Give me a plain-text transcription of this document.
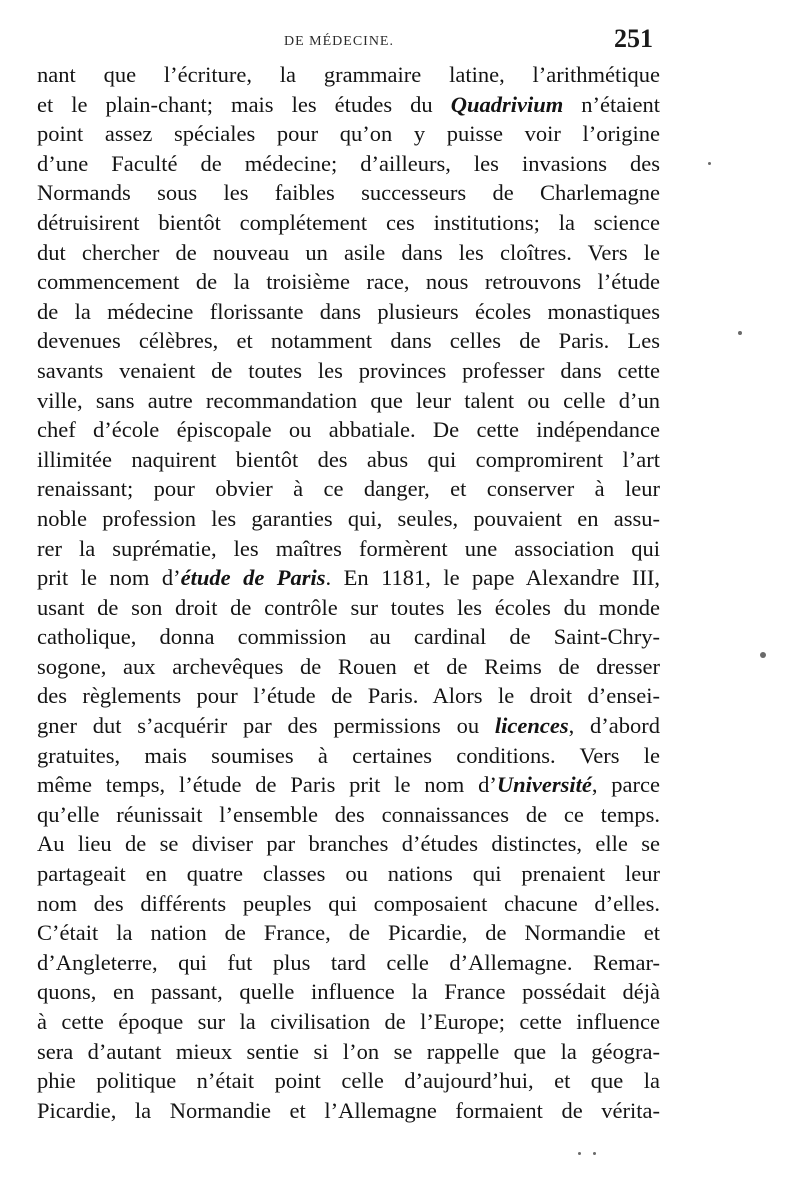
DE MÉDECINE.	251
nant que l’écriture, la grammaire latine, l’arithmétique
et le plain-chant; mais les études du Quadrivium n’étaient
point assez spéciales pour qu’on y puisse voir l’origine
d’une Faculté de médecine; d’ailleurs, les invasions des
Normands sous les faibles successeurs de Charlemagne
détruisirent bientôt complétement ces institutions; la science
dut chercher de nouveau un asile dans les cloîtres. Vers le
commencement de la troisième race, nous retrouvons l’étude
de la médecine florissante dans plusieurs écoles monastiques
devenues célèbres, et notamment dans celles de Paris. Les
savants venaient de toutes les provinces professer dans cette
ville, sans autre recommandation que leur talent ou celle d’un
chef d’école épiscopale ou abbatiale. De cette indépendance
illimitée naquirent bientôt des abus qui compromirent l’art
renaissant; pour obvier à ce danger, et conserver à leur
noble profession les garanties qui, seules, pouvaient en assu-
rer la suprématie, les maîtres formèrent une association qui
prit le nom d’étude de Paris. En 1181, le pape Alexandre III,
usant de son droit de contrôle sur toutes les écoles du monde
catholique, donna commission au cardinal de Saint-Chry-
sogone, aux archevêques de Rouen et de Reims de dresser
des règlements pour l’étude de Paris. Alors le droit d’ensei-
gner dut s’acquérir par des permissions ou licences, d’abord
gratuites, mais soumises à certaines conditions. Vers le
même temps, l’étude de Paris prit le nom d’Université, parce
qu’elle réunissait l’ensemble des connaissances de ce temps.
Au lieu de se diviser par branches d’études distinctes, elle se
partageait en quatre classes ou nations qui prenaient leur
nom des différents peuples qui composaient chacune d’elles.
C’était la nation de France, de Picardie, de Normandie et
d’Angleterre, qui fut plus tard celle d’Allemagne. Remar-
quons, en passant, quelle influence la France possédait déjà
à cette époque sur la civilisation de l’Europe; cette influence
sera d’autant mieux sentie si l’on se rappelle que la géogra-
phie politique n’était point celle d’aujourd’hui, et que la
Picardie, la Normandie et l’Allemagne formaient de vérita-
